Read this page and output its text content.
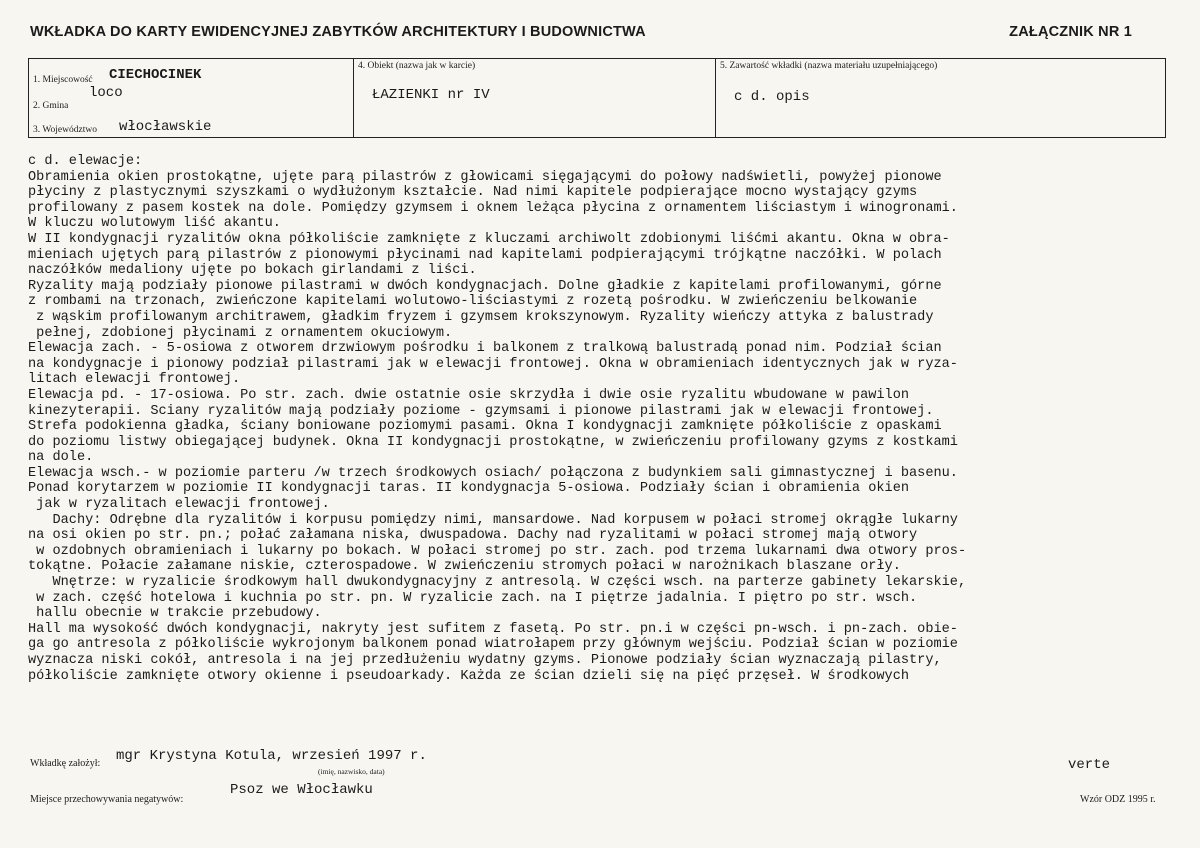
WKŁADKA DO KARTY EWIDENCYJNEJ ZABYTKÓW ARCHITEKTURY I BUDOWNICTWA	ZAŁĄCZNIK NR 1
1. Miejscowość CIECHOCINEK
loco
2. Gmina
3. Województwo włocławskie
4. Obiekt (nazwa jak w karcie)
ŁAZIENKI nr IV
5. Zawartość wkładki (nazwa materiału uzupełniającego)
c d. opis
c d. elewacje:
Obramienia okien prostokątne, ujęte parą pilastrów z głowicami sięgającymi do połowy nadświetli, powyżej pionowe
płyciny z plastycznymi szyszkami o wydłużonym kształcie. Nad nimi kapitele podpierające mocno wystający gzyms
profilowany z pasem kostek na dole. Pomiędzy gzymsem i oknem leżąca płycina z ornamentem liściastym i winogronami.
W kluczu wolutowym liść akantu.
W II kondygnacji ryzalitów okna półkoliście zamknięte z kluczami archiwolt zdobionymi liśćmi akantu. Okna w obra-
mieniach ujętych parą pilastrów z pionowymi płycinami nad kapitelami podpierającymi trójkątne naczółki. W polach
naczółków medaliony ujęte po bokach girlandami z liści.
Ryzality mają podziały pionowe pilastrami w dwóch kondygnacjach. Dolne gładkie z kapitelami profilowanymi, górne
z rombami na trzonach, zwieńczone kapitelami wolutowo-liściastymi z rozetą pośrodku. W zwieńczeniu belkowanie
z wąskim profilowanym architrawem, gładkim fryzem i gzymsem krokszynowym. Ryzality wieńczy attyka z balustrady
pełnej, zdobionej płycinami z ornamentem okuciowym.
Elewacja zach. - 5-osiowa z otworem drzwiowym pośrodku i balkonem z tralkową balustradą ponad nim. Podział ścian
na kondygnacje i pionowy podział pilastrami jak w elewacji frontowej. Okna w obramieniach identycznych jak w ryza-
litach elewacji frontowej.
Elewacja pd. - 17-osiowa. Po str. zach. dwie ostatnie osie skrzydła i dwie osie ryzalitu wbudowane w pawilon
kinezyterapii. Ściany ryzalitów mają podziały poziome - gzymsami i pionowe pilastrami jak w elewacji frontowej.
Strefa podokienna gładka, ściany boniowane poziomymi pasami. Okna I kondygnacji zamknięte półkoliście z opaskami
do poziomu listwy obiegającej budynek. Okna II kondygnacji prostokątne, w zwieńczeniu profilowany gzyms z kostkami
na dole.
Elewacja wsch.- w poziomie parteru /w trzech środkowych osiach/ połączona z budynkiem sali gimnastycznej i basenu.
Ponad korytarzem w poziomie II kondygnacji taras. II kondygnacja 5-osiowa. Podziały ścian i obramienia okien
jak w ryzalitach elewacji frontowej.
Dachy: Odrębne dla ryzalitów i korpusu pomiędzy nimi, mansardowe. Nad korpusem w połaci stromej okrągłe lukarny
na osi okien po str. pn.; połać załamana niska, dwuspadowa. Dachy nad ryzalitami w połaci stromej mają otwory
w ozdobnych obramieniach i lukarny po bokach. W połaci stromej po str. zach. pod trzema lukarnami dwa otwory pros-
tokątne. Połacie załamane niskie, czterospadowe. W zwieńczeniu stromych połaci w narożnikach blaszane orły.
Wnętrze: w ryzalicie środkowym hall dwukondygnacyjny z antresolą. W części wsch. na parterze gabinety lekarskie,
w zach. część hotelowa i kuchnia po str. pn. W ryzalicie zach. na I piętrze jadalnia. I piętro po str. wsch.
hallu obecnie w trakcie przebudowy.
Hall ma wysokość dwóch kondygnacji, nakryty jest sufitem z fasetą. Po str. pn.i w części pn-wsch. i pn-zach. obie-
ga go antresola z półkoliście wykrojonym balkonem ponad wiatrołapem przy głównym wejściu. Podział ścian w poziomie
wyznacza niski cokół, antresola i na jej przedłużeniu wydatny gzyms. Pionowe podziały ścian wyznaczają pilastry,
półkoliście zamknięte otwory okienne i pseudoarkady. Każda ze ścian dzieli się na pięć przęseł. W środkowych
Wkładkę założył: mgr Krystyna Kotula, wrzesień 1997 r.
(imię, nazwisko, data)	verte
Miejsce przechowywania negatywów:
Psoz we Włocławku
Wzór ODZ 1995 r.
